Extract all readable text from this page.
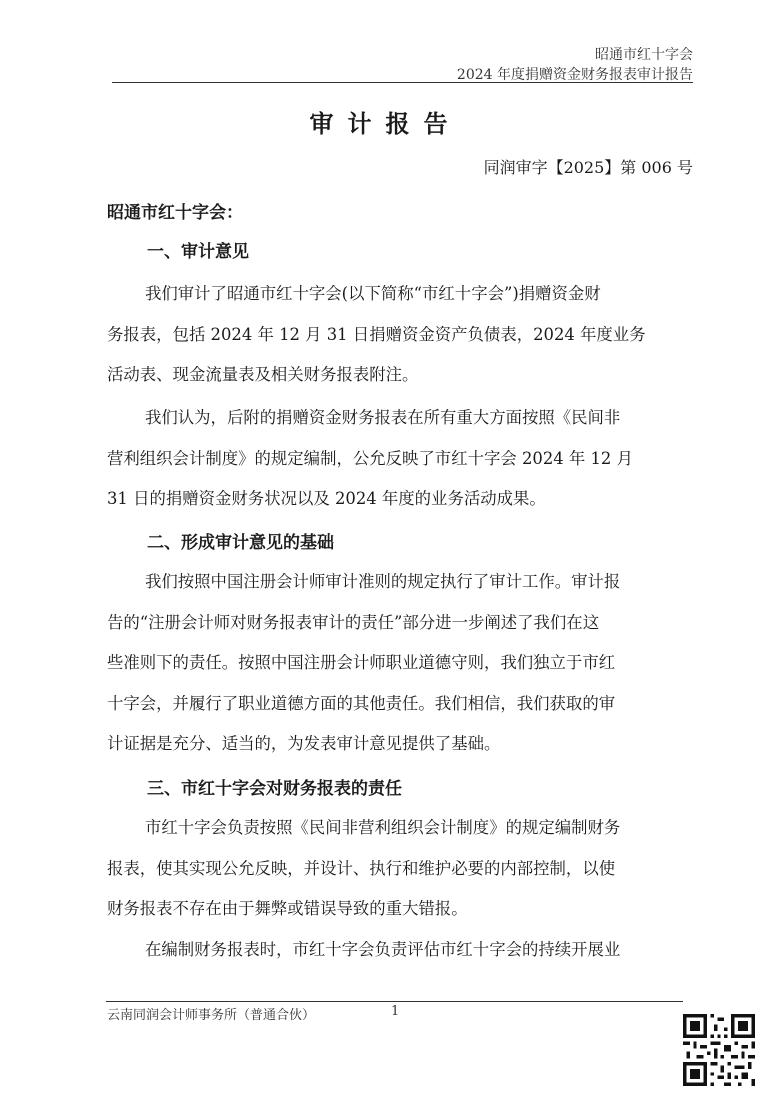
昭通市红十字会
2024 年度捐赠资金财务报表审计报告
审计报告
同润审字【2025】第 006 号
昭通市红十字会：
一、审计意见
我们审计了昭通市红十字会(以下简称“市红十字会”)捐赠资金财
务报表，包括 2024 年 12 月 31 日捐赠资金资产负债表，2024 年度业务
活动表、现金流量表及相关财务报表附注。
我们认为，后附的捐赠资金财务报表在所有重大方面按照《民间非
营利组织会计制度》的规定编制，公允反映了市红十字会 2024 年 12 月
31 日的捐赠资金财务状况以及 2024 年度的业务活动成果。
二、形成审计意见的基础
我们按照中国注册会计师审计准则的规定执行了审计工作。审计报
告的“注册会计师对财务报表审计的责任”部分进一步阐述了我们在这
些准则下的责任。按照中国注册会计师职业道德守则，我们独立于市红
十字会，并履行了职业道德方面的其他责任。我们相信，我们获取的审
计证据是充分、适当的，为发表审计意见提供了基础。
三、市红十字会对财务报表的责任
市红十字会负责按照《民间非营利组织会计制度》的规定编制财务
报表，使其实现公允反映，并设计、执行和维护必要的内部控制，以使
财务报表不存在由于舞弊或错误导致的重大错报。
在编制财务报表时，市红十字会负责评估市红十字会的持续开展业
云南同润会计师事务所（普通合伙）	1
